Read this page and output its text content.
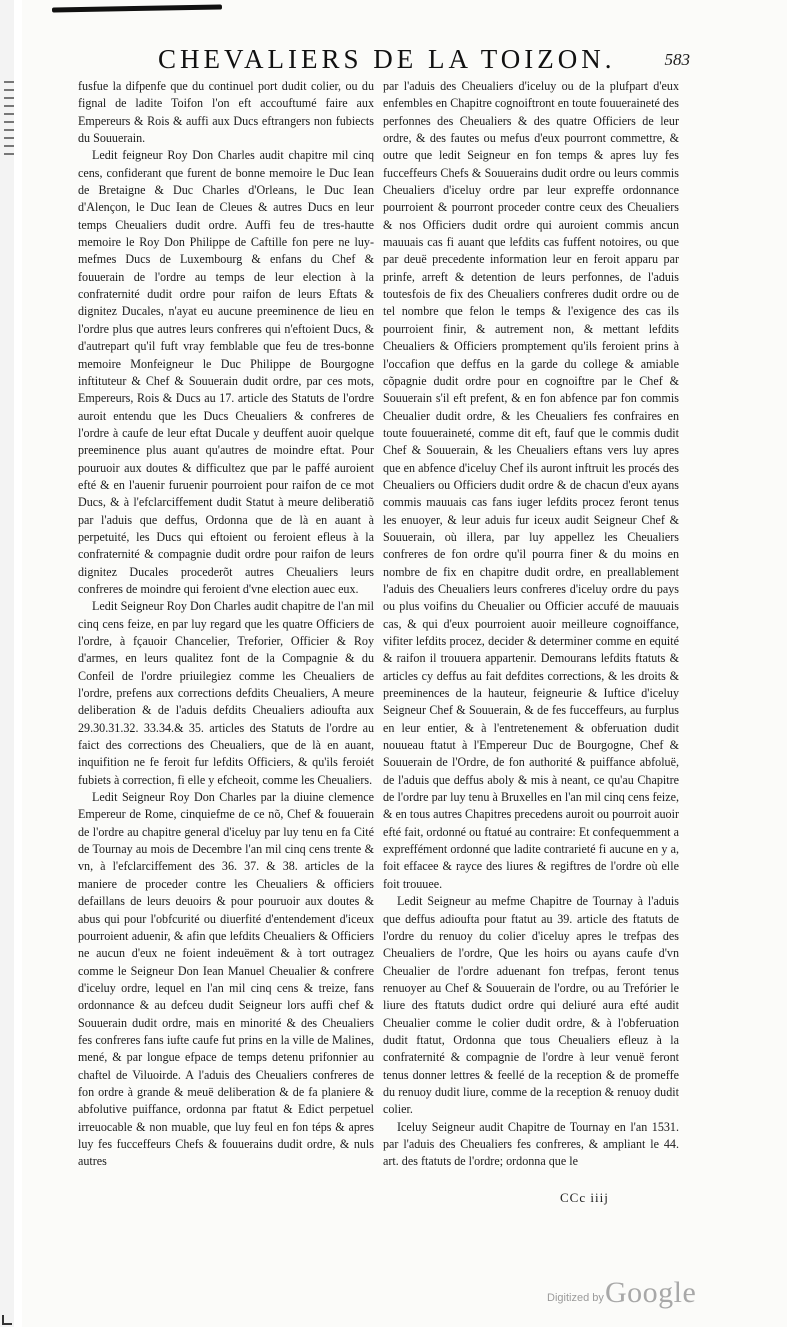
CHEVALIERS DE LA TOIZON.	583

fusfue la difpenfe que du continuel port dudit colier, ou du fignal de ladite Toifon l'on eft accouftumé faire aux Empereurs & Rois & auffi aux Ducs eftrangers non fubiects du Souuerain.

Ledit feigneur Roy Don Charles audit chapitre mil cinq cens, confiderant que furent de bonne memoire le Duc Iean de Bretaigne & Duc Charles d'Orleans, le Duc Iean d'Alençon, le Duc Iean de Cleues & autres Ducs en leur temps Cheualiers dudit ordre. Auffi feu de tres-hautte memoire le Roy Don Philippe de Caftille fon pere ne luy-mefmes Ducs de Luxembourg & enfans du Chef & fouuerain de l'ordre au temps de leur election à la confraternité dudit ordre pour raifon de leurs Eftats & dignitez Ducales, n'ayat eu aucune preeminence de lieu en l'ordre plus que autres leurs confreres qui n'eftoient Ducs, & d'autrepart qu'il fuft vray femblable que feu de tres-bonne memoire Monfeigneur le Duc Philippe de Bourgogne inftituteur & Chef & Souuerain dudit ordre, par ces mots, Empereurs, Rois & Ducs au 17. article des Statuts de l'ordre auroit entendu que les Ducs Cheualiers & confreres de l'ordre à caufe de leur eftat Ducale y deuffent auoir quelque preeminence plus auant qu'autres de moindre eftat. Pour pouruoir aux doutes & difficultez que par le paffé auroient efté & en l'auenir furuenir pourroient pour raifon de ce mot Ducs, & à l'efclarciffement dudit Statut à meure deliberatiõ par l'aduis que deffus, Ordonna que de là en auant à perpetuité, les Ducs qui eftoient ou feroient efleus à la confraternité & compagnie dudit ordre pour raifon de leurs dignitez Ducales procederõt autres Cheualiers leurs confreres de moindre qui feroient d'vne election auec eux.

Ledit Seigneur Roy Don Charles audit chapitre de l'an mil cinq cens feize, en par luy regard que les quatre Officiers de l'ordre, à fçauoir Chancelier, Treforier, Officier & Roy d'armes, en leurs qualitez font de la Compagnie & du Confeil de l'ordre priuilegiez comme les Cheualiers de l'ordre, prefens aux corrections defdits Cheualiers, A meure deliberation & de l'aduis defdits Cheualiers adioufta aux 29.30.31.32. 33.34.& 35. articles des Statuts de l'ordre au faict des corrections des Cheualiers, que de là en auant, inquifition ne fe feroit fur lefdits Officiers, & qu'ils feroiét fubiets à correction, fi elle y efcheoit, comme les Cheualiers.

Ledit Seigneur Roy Don Charles par la diuine clemence Empereur de Rome, cinquiefme de ce nõ, Chef & fouuerain de l'ordre au chapitre general d'iceluy par luy tenu en fa Cité de Tournay au mois de Decembre l'an mil cinq cens trente & vn, à l'efclarciffement des 36. 37. & 38. articles de la maniere de proceder contre les Cheualiers & officiers defaillans de leurs deuoirs & pour pouruoir aux doutes & abus qui pour l'obfcurité ou diuerfité d'entendement d'iceux pourroient aduenir, & afin que lefdits Cheualiers & Officiers ne aucun d'eux ne foient indeuëment & à tort outragez comme le Seigneur Don Iean Manuel Cheualier & confrere d'iceluy ordre, lequel en l'an mil cinq cens & treize, fans ordonnance & au defceu dudit Seigneur lors auffi chef & Souuerain dudit ordre, mais en minorité & des Cheualiers fes confreres fans iufte caufe fut prins en la ville de Malines, mené, & par longue efpace de temps detenu prifonnier au chaftel de Viluoirde. A l'aduis des Cheualiers confreres de fon ordre à grande & meuë deliberation & de fa planiere & abfolutive puiffance, ordonna par ftatut & Edict perpetuel irreuocable & non muable, que luy feul en fon téps & apres luy fes fucceffeurs Chefs & fouuerains dudit ordre, & nuls autres

par l'aduis des Cheualiers d'iceluy ou de la plufpart d'eux enfembles en Chapitre cognoiftront en toute fouueraineté des perfonnes des Cheualiers & des quatre Officiers de leur ordre, & des fautes ou mefus d'eux pourront commettre, & outre que ledit Seigneur en fon temps & apres luy fes fucceffeurs Chefs & Souuerains dudit ordre ou leurs commis Cheualiers d'iceluy ordre par leur expreffe ordonnance pourroient & pourront proceder contre ceux des Cheualiers & nos Officiers dudit ordre qui auroient commis ancun mauuais cas fi auant que lefdits cas fuffent notoires, ou que par deuë precedente information leur en feroit apparu par prinfe, arreft & detention de leurs perfonnes, de l'aduis toutesfois de fix des Cheualiers confreres dudit ordre ou de tel nombre que felon le temps & l'exigence des cas ils pourroient finir, & autrement non, & mettant lefdits Cheualiers & Officiers promptement qu'ils feroient prins à l'occafion que deffus en la garde du college & amiable cõpagnie dudit ordre pour en cognoiftre par le Chef & Souuerain s'il eft prefent, & en fon abfence par fon commis Cheualier dudit ordre, & les Cheualiers fes confraires en toute fouueraineté, comme dit eft, fauf que le commis dudit Chef & Souuerain, & les Cheualiers eftans vers luy apres que en abfence d'iceluy Chef ils auront inftruit les procés des Cheualiers ou Officiers dudit ordre & de chacun d'eux ayans commis mauuais cas fans iuger lefdits procez feront tenus les enuoyer, & leur aduis fur iceux audit Seigneur Chef & Souuerain, où illera, par luy appellez les Cheualiers confreres de fon ordre qu'il pourra finer & du moins en nombre de fix en chapitre dudit ordre, en preallablement l'aduis des Cheualiers leurs confreres d'iceluy ordre du pays ou plus voifins du Cheualier ou Officier accufé de mauuais cas, & qui d'eux pourroient auoir meilleure cognoiffance, vifiter lefdits procez, decider & determiner comme en equité & raifon il trouuera appartenir. Demourans lefdits ftatuts & articles cy deffus au fait defdites corrections, & les droits & preeminences de la hauteur, feigneurie & Iuftice d'iceluy Seigneur Chef & Souuerain, & de fes fucceffeurs, au furplus en leur entier, & à l'entretenement & obferuation dudit nouueau ftatut à l'Empereur Duc de Bourgogne, Chef & Souuerain de l'Ordre, de fon authorité & puiffance abfoluë, de l'aduis que deffus aboly & mis à neant, ce qu'au Chapitre de l'ordre par luy tenu à Bruxelles en l'an mil cinq cens feize, & en tous autres Chapitres precedens auroit ou pourroit auoir efté fait, ordonné ou ftatué au contraire: Et confequemment a expreffément ordonné que ladite contrarieté fi aucune en y a, foit effacee & rayce des liures & regiftres de l'ordre où elle foit trouuee.

Ledit Seigneur au mefme Chapitre de Tournay à l'aduis que deffus adioufta pour ftatut au 39. article des ftatuts de l'ordre du renuoy du colier d'iceluy apres le trefpas des Cheualiers de l'ordre, Que les hoirs ou ayans caufe d'vn Cheualier de l'ordre aduenant fon trefpas, feront tenus renuoyer au Chef & Souuerain de l'ordre, ou au Trefórier le liure des ftatuts dudict ordre qui deliuré aura efté audit Cheualier comme le colier dudit ordre, & à l'obferuation dudit ftatut, Ordonna que tous Cheualiers efleuz à la confraternité & compagnie de l'ordre à leur venuë feront tenus donner lettres & feellé de la reception & de promeffe du renuoy dudit liure, comme de la reception & renuoy dudit colier.

Iceluy Seigneur audit Chapitre de Tournay en l'an 1531. par l'aduis des Cheualiers fes confreres, & ampliant le 44. art. des ftatuts de l'ordre; ordonna que le

CCc iiij
Digitized by Google
